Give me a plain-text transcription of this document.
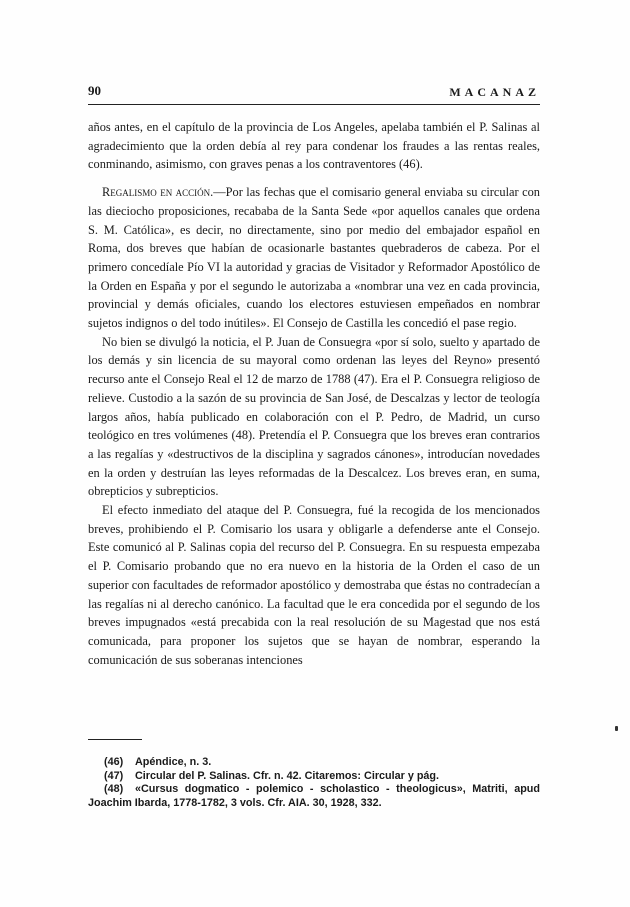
90	MACANAZ

años antes, en el capítulo de la provincia de Los Angeles, apelaba también el P. Salinas al agradecimiento que la orden debía al rey para condenar los fraudes a las rentas reales, conminando, asimismo, con graves penas a los contraventores (46).

Regalismo en acción.—Por las fechas que el comisario general enviaba su circular con las dieciocho proposiciones, recababa de la Santa Sede «por aquellos canales que ordena S. M. Católica», es decir, no directamente, sino por medio del embajador español en Roma, dos breves que habían de ocasionarle bastantes quebraderos de cabeza. Por el primero concedíale Pío VI la autoridad y gracias de Visitador y Reformador Apostólico de la Orden en España y por el segundo le autorizaba a «nombrar una vez en cada provincia, provincial y demás oficiales, cuando los electores estuviesen empeñados en nombrar sujetos indignos o del todo inútiles». El Consejo de Castilla les concedió el pase regio.

No bien se divulgó la noticia, el P. Juan de Consuegra «por sí solo, suelto y apartado de los demás y sin licencia de su mayoral como ordenan las leyes del Reyno» presentó recurso ante el Consejo Real el 12 de marzo de 1788 (47). Era el P. Consuegra religioso de relieve. Custodio a la sazón de su provincia de San José, de Descalzas y lector de teología largos años, había publicado en colaboración con el P. Pedro, de Madrid, un curso teológico en tres volúmenes (48). Pretendía el P. Consuegra que los breves eran contrarios a las regalías y «destructivos de la disciplina y sagrados cánones», introducían novedades en la orden y destruían las leyes reformadas de la Descalcez. Los breves eran, en suma, obrepticios y subrepticios.

El efecto inmediato del ataque del P. Consuegra, fué la recogida de los mencionados breves, prohibiendo el P. Comisario los usara y obligarle a defenderse ante el Consejo. Este comunicó al P. Salinas copia del recurso del P. Consuegra. En su respuesta empezaba el P. Comisario probando que no era nuevo en la historia de la Orden el caso de un superior con facultades de reformador apostólico y demostraba que éstas no contradecían a las regalías ni al derecho canónico. La facultad que le era concedida por el segundo de los breves impugnados «está precabida con la real resolución de su Magestad que nos está comunicada, para proponer los sujetos que se hayan de nombrar, esperando la comunicación de sus soberanas intenciones

(46) Apéndice, n. 3.

(47) Circular del P. Salinas. Cfr. n. 42. Citaremos: Circular y pág.

(48) «Cursus dogmatico - polemico - scholastico - theologicus», Matriti, apud Joachim Ibarda, 1778-1782, 3 vols. Cfr. AIA. 30, 1928, 332.
